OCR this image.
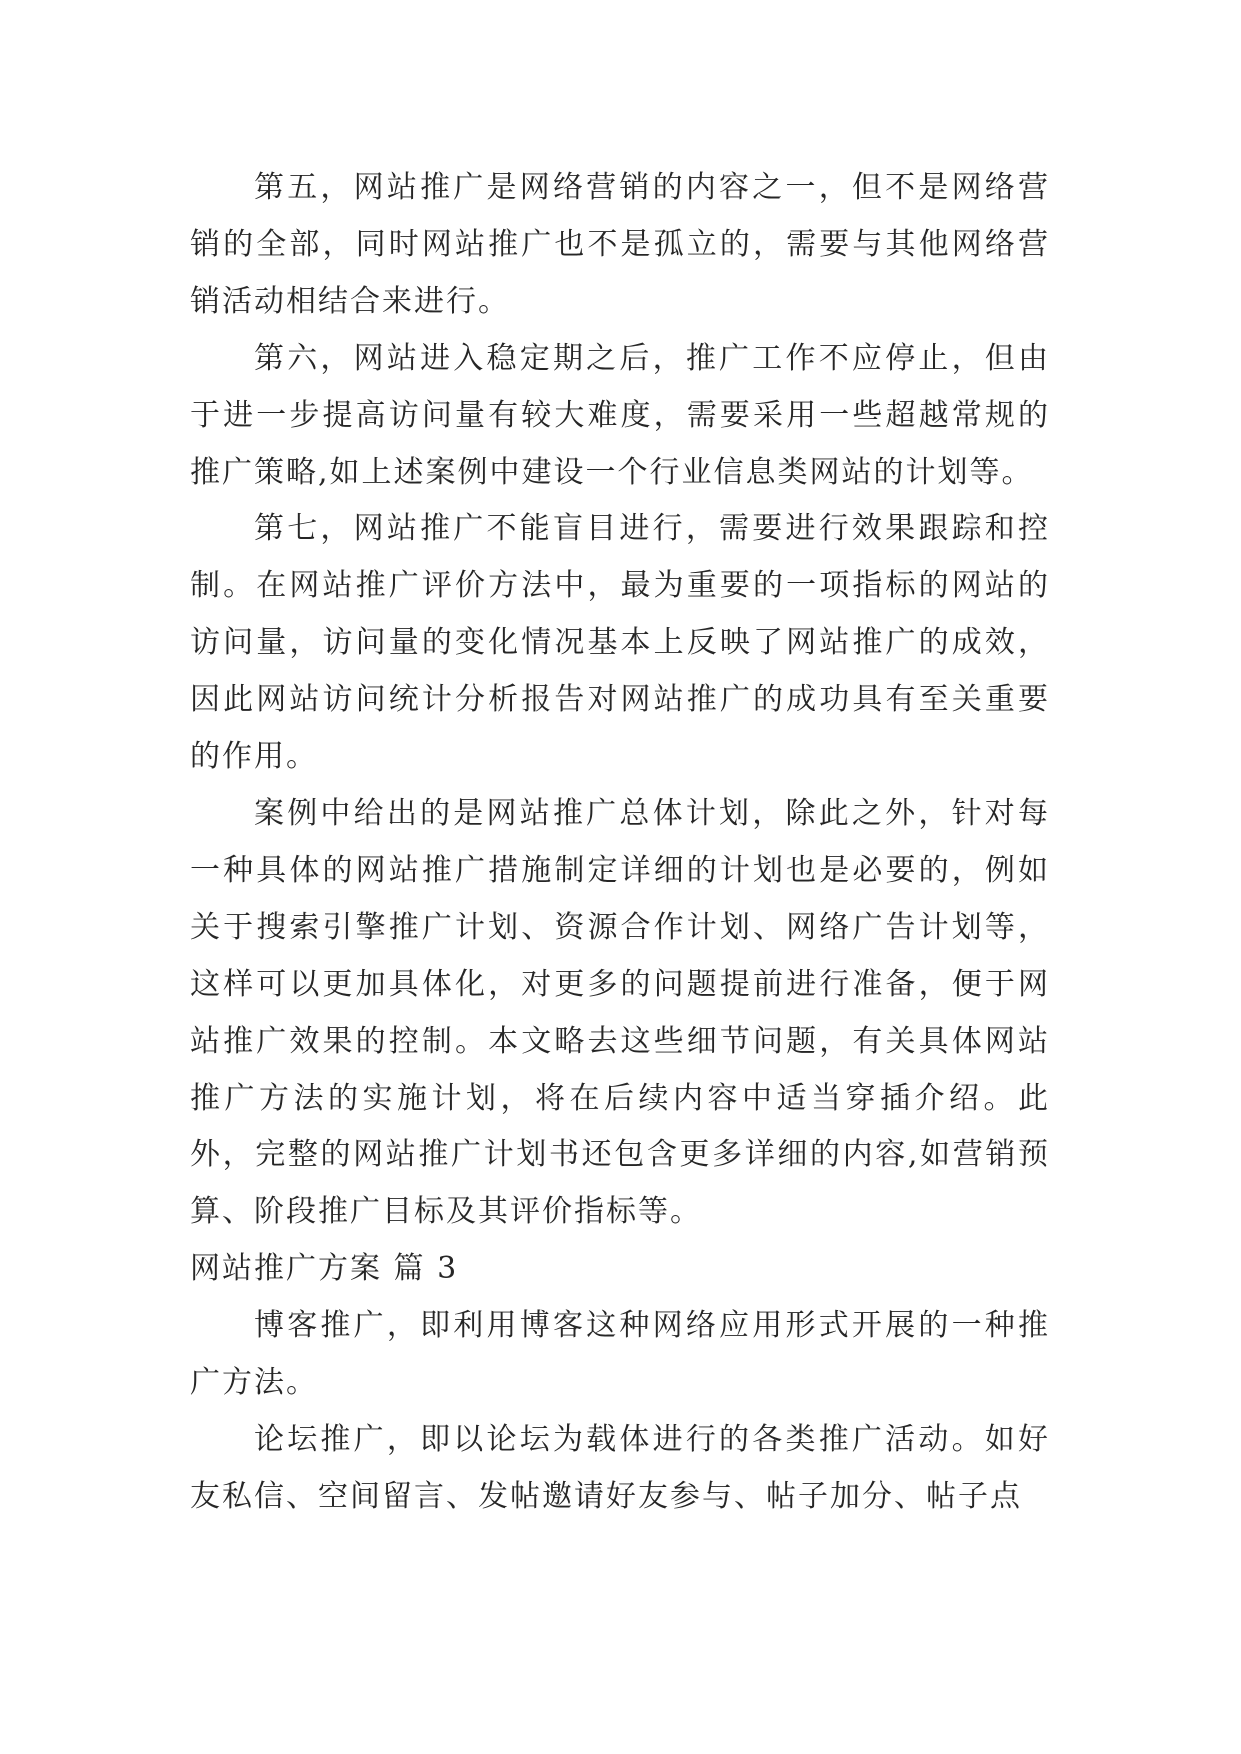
第五，网站推广是网络营销的内容之一，但不是网络营销的全部，同时网站推广也不是孤立的，需要与其他网络营销活动相结合来进行。

第六，网站进入稳定期之后，推广工作不应停止，但由于进一步提高访问量有较大难度，需要采用一些超越常规的推广策略,如上述案例中建设一个行业信息类网站的计划等。

第七，网站推广不能盲目进行，需要进行效果跟踪和控制。在网站推广评价方法中，最为重要的一项指标的网站的访问量，访问量的变化情况基本上反映了网站推广的成效，因此网站访问统计分析报告对网站推广的成功具有至关重要的作用。

案例中给出的是网站推广总体计划，除此之外，针对每一种具体的网站推广措施制定详细的计划也是必要的，例如关于搜索引擎推广计划、资源合作计划、网络广告计划等，这样可以更加具体化，对更多的问题提前进行准备，便于网站推广效果的控制。本文略去这些细节问题，有关具体网站推广方法的实施计划，将在后续内容中适当穿插介绍。此外，完整的网站推广计划书还包含更多详细的内容,如营销预算、阶段推广目标及其评价指标等。

网站推广方案 篇 3

博客推广，即利用博客这种网络应用形式开展的一种推广方法。

论坛推广，即以论坛为载体进行的各类推广活动。如好友私信、空间留言、发帖邀请好友参与、帖子加分、帖子点
